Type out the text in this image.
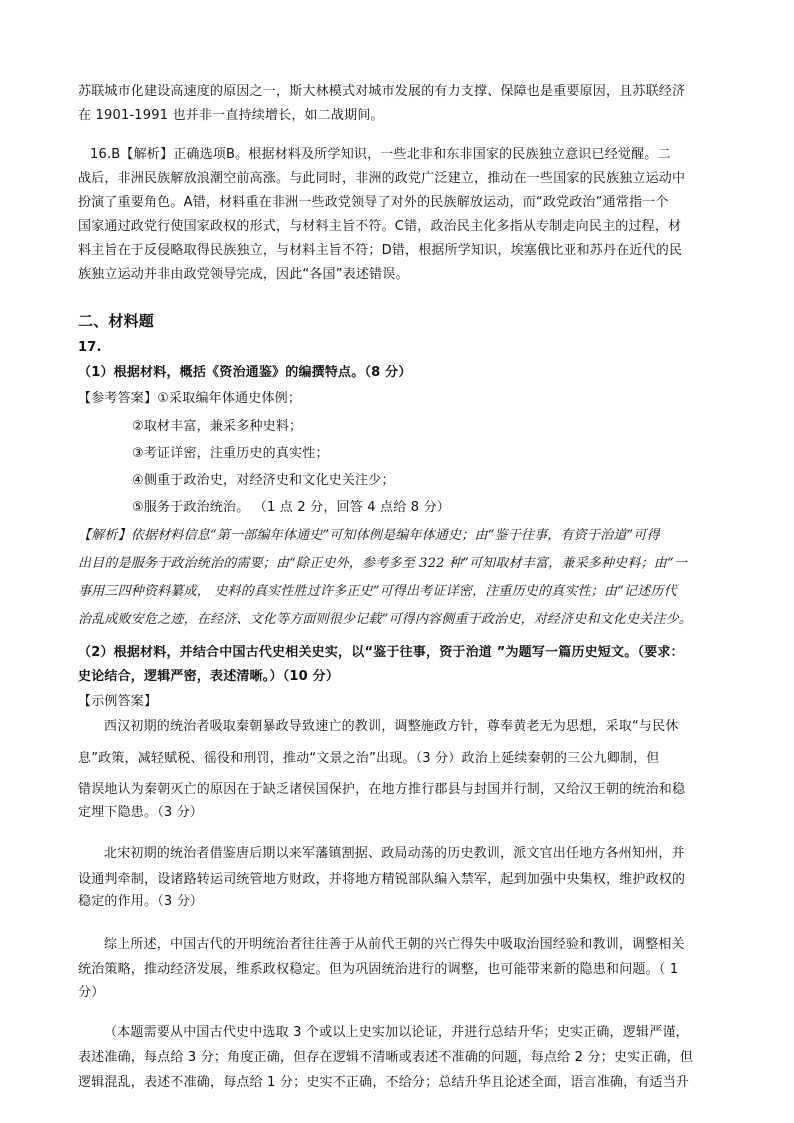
苏联城市化建设高速度的原因之一，斯大林模式对城市发展的有力支撑、保障也是重要原因，且苏联经济
在 1901-1991 也并非一直持续增长，如二战期间。
16.B【解析】正确选项B。根据材料及所学知识，一些北非和东非国家的民族独立意识已经觉醒。二
战后，非洲民族解放浪潮空前高涨。与此同时，非洲的政党广泛建立，推动在一些国家的民族独立运动中
扮演了重要角色。A错，材料重在非洲一些政党领导了对外的民族解放运动，而“政党政治”通常指一个
国家通过政党行使国家政权的形式，与材料主旨不符。C错，政治民主化多指从专制走向民主的过程，材
料主旨在于反侵略取得民族独立，与材料主旨不符；D错，根据所学知识，埃塞俄比亚和苏丹在近代的民
族独立运动并非由政党领导完成，因此“各国”表述错误。
二、材料题
17.
（1）根据材料，概括《资治通鉴》的编撰特点。（8 分）
【参考答案】①采取编年体通史体例；
②取材丰富，兼采多种史料；
③考证详密，注重历史的真实性；
④侧重于政治史，对经济史和文化史关注少；
⑤服务于政治统治。 （1 点 2 分，回答 4 点给 8 分）
【解析】依据材料信息“第一部编年体通史”可知体例是编年体通史；由“鉴于往事，有资于治道”可得
出目的是服务于政治统治的需要；由“除正史外，参考多至 322 种”可知取材丰富，兼采多种史料；由“一
事用三四种资料纂成， 史料的真实性胜过许多正史”可得出考证详密，注重历史的真实性；由“记述历代
治乱成败安危之迹，在经济、文化等方面则很少记载”可得内容侧重于政治史，对经济史和文化史关注少。
（2）根据材料，并结合中国古代史相关史实，以“鉴于往事，资于治道 ”为题写一篇历史短文。（要求：
史论结合，逻辑严密，表述清晰。）（10 分）
【示例答案】
西汉初期的统治者吸取秦朝暴政导致速亡的教训，调整施政方针，尊奉黄老无为思想，采取“与民休
息”政策，减轻赋税、徭役和刑罚，推动“文景之治”出现。（3 分）政治上延续秦朝的三公九卿制，但
错误地认为秦朝灭亡的原因在于缺乏诸侯国保护，在地方推行郡县与封国并行制，又给汉王朝的统治和稳
定埋下隐患。（3 分）
北宋初期的统治者借鉴唐后期以来军藩镇割据、政局动荡的历史教训，派文官出任地方各州知州，并
设通判牵制，设诸路转运司统管地方财政，并将地方精锐部队编入禁军，起到加强中央集权，维护政权的
稳定的作用。（3 分）
综上所述，中国古代的开明统治者往往善于从前代王朝的兴亡得失中吸取治国经验和教训，调整相关
统治策略，推动经济发展，维系政权稳定。但为巩固统治进行的调整，也可能带来新的隐患和问题。（ 1
分）
（本题需要从中国古代史中选取 3 个或以上史实加以论证，并进行总结升华；史实正确，逻辑严谨，
表述准确，每点给 3 分；角度正确，但存在逻辑不清晰或表述不准确的问题，每点给 2 分；史实正确，但
逻辑混乱，表述不准确，每点给 1 分；史实不正确，不给分；总结升华且论述全面，语言准确，有适当升
